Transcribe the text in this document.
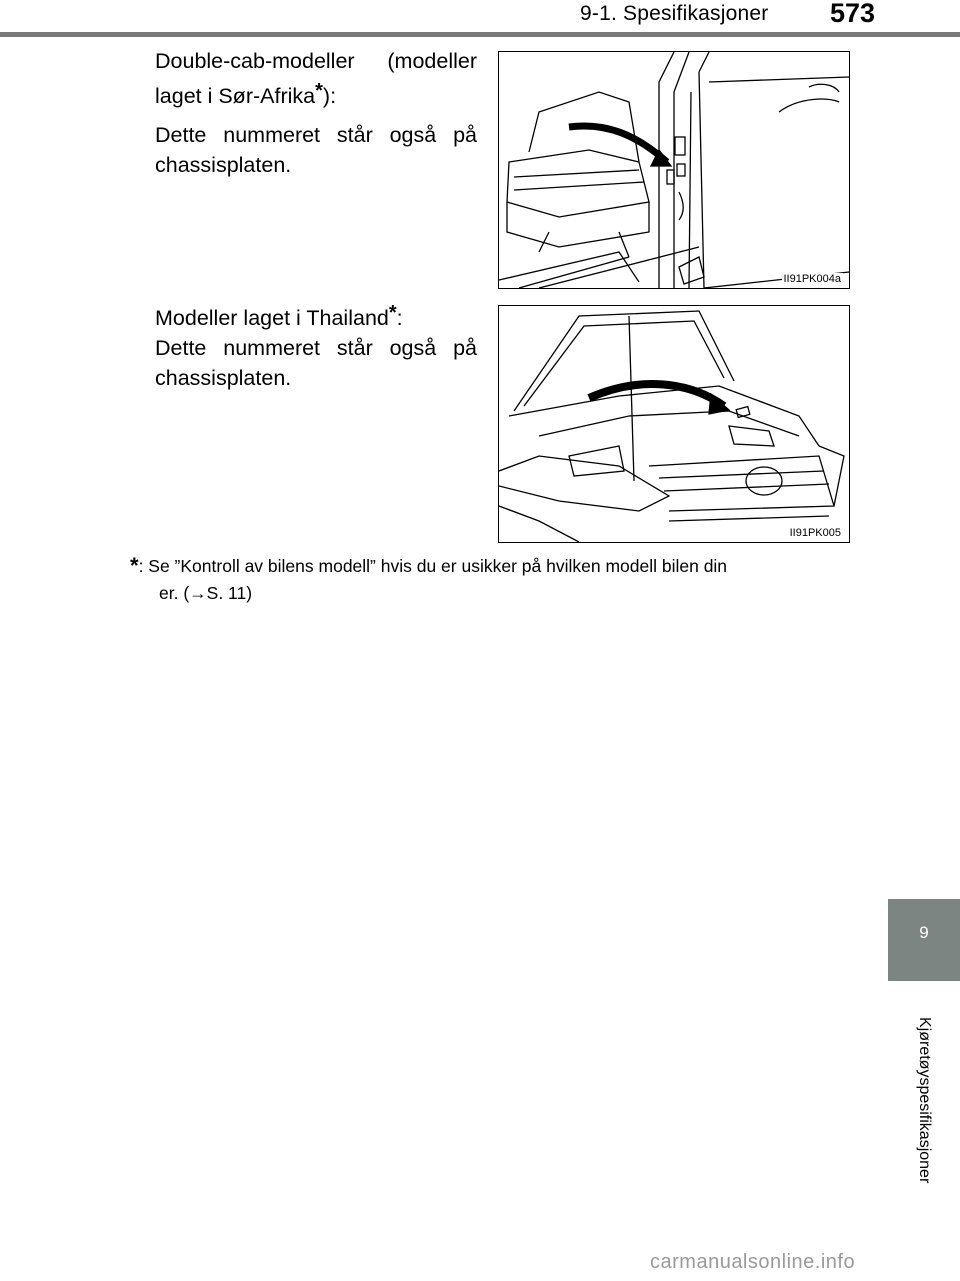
9-1. Spesifikasjoner 573
Double-cab-modeller (modeller
laget i Sør-Afrika*):
Dette nummeret står også på
chassisplaten.
II91PK004a
Modeller laget i Thailand*:
Dette nummeret står også på
chassisplaten.
II91PK005
*: Se ”Kontroll av bilens modell” hvis du er usikker på hvilken modell bilen din
er. (→S. 11)
9
Kjøretøyspesifikasjoner
carmanualsonline.info
